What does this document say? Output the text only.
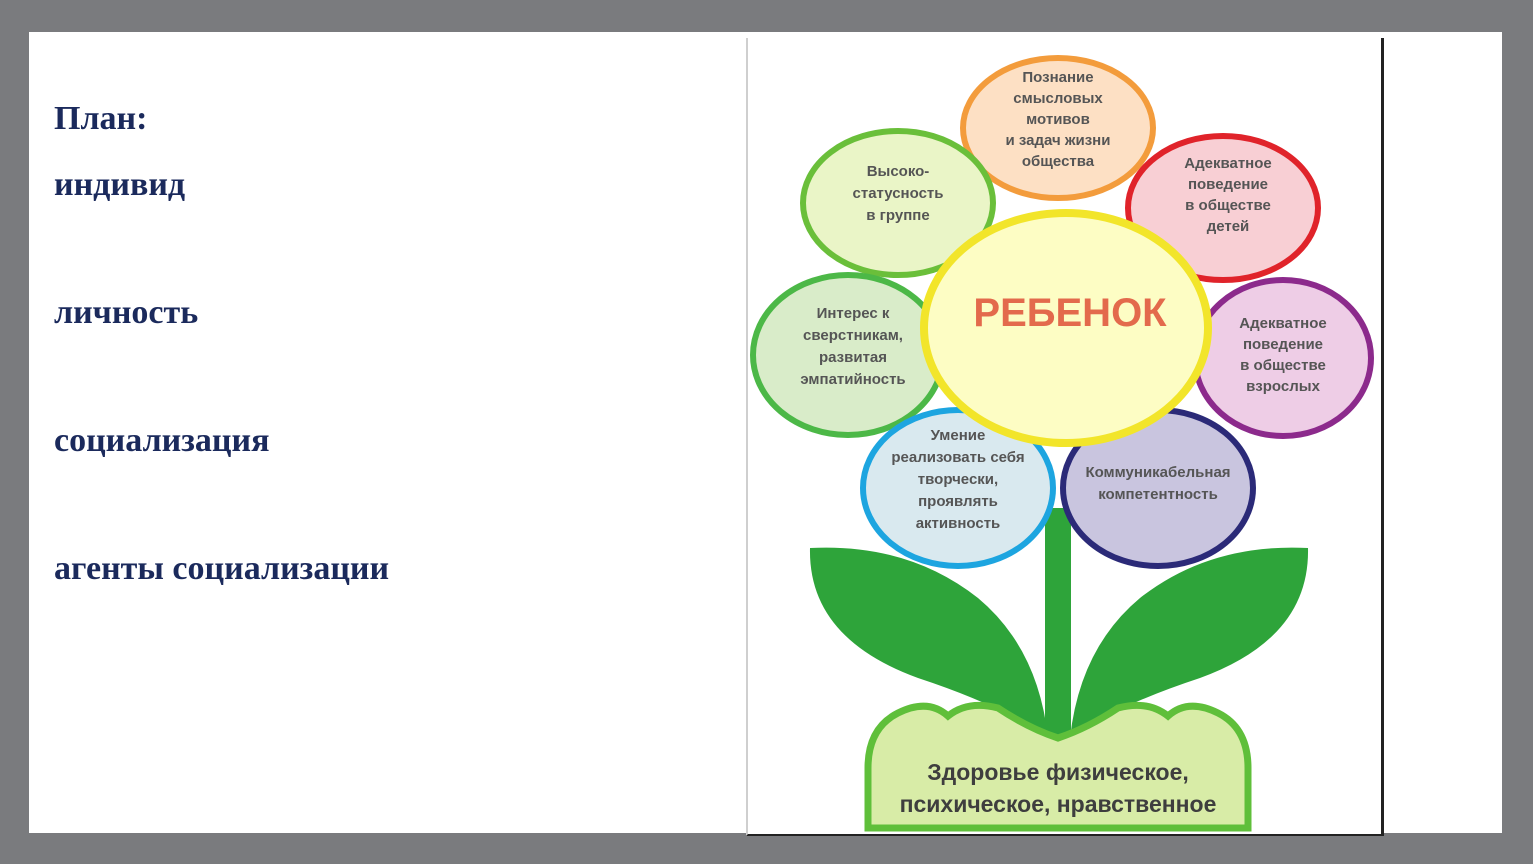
План:
индивид
личность
социализация
агенты социализации
Здоровье физическое,
психическое, нравственное
Познание
смысловых
мотивов
и задач жизни
общества
Высоко-
статусность
в группе
Адекватное
поведение
в обществе
детей
Интерес к
сверстникам,
развитая
эмпатийность
Адекватное
поведение
в обществе
взрослых
Умение
реализовать себя
творчески,
проявлять
активность
Коммуникабельная
компетентность
РЕБЕНОК
